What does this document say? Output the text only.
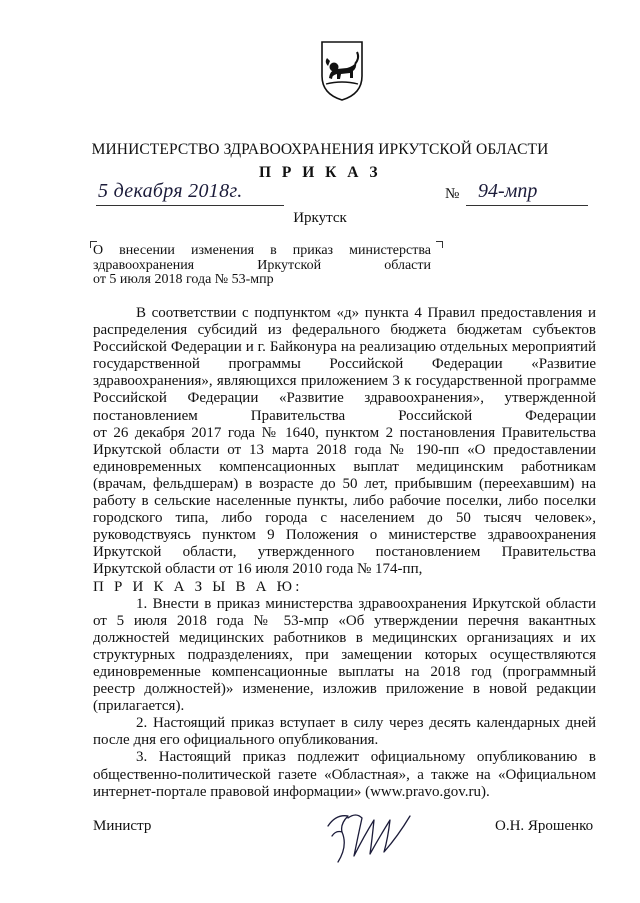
МИНИСТЕРСТВО ЗДРАВООХРАНЕНИЯ ИРКУТСКОЙ ОБЛАСТИ
П Р И К А З
5 декабря 2018г.	№ 94-мпр
Иркутск
О внесении изменения в приказ министерства
здравоохранения Иркутской области
от 5 июля 2018 года № 53-мпр
В соответствии с подпунктом «д» пункта 4 Правил предоставления и
распределения субсидий из федерального бюджета бюджетам субъектов
Российской Федерации и г. Байконура на реализацию отдельных мероприятий
государственной программы Российской Федерации «Развитие
здравоохранения», являющихся приложением 3 к государственной программе
Российской Федерации «Развитие здравоохранения», утвержденной
постановлением Правительства Российской Федерации
от 26 декабря 2017 года № 1640, пунктом 2 постановления Правительства
Иркутской области от 13 марта 2018 года № 190-пп «О предоставлении
единовременных компенсационных выплат медицинским работникам
(врачам, фельдшерам) в возрасте до 50 лет, прибывшим (переехавшим) на
работу в сельские населенные пункты, либо рабочие поселки, либо поселки
городского типа, либо города с населением до 50 тысяч человек»,
руководствуясь пунктом 9 Положения о министерстве здравоохранения
Иркутской области, утвержденного постановлением Правительства
Иркутской области от 16 июля 2010 года № 174-пп,
П Р И К А З Ы В А Ю:
1. Внести в приказ министерства здравоохранения Иркутской области
от 5 июля 2018 года № 53-мпр «Об утверждении перечня вакантных
должностей медицинских работников в медицинских организациях и их
структурных подразделениях, при замещении которых осуществляются
единовременные компенсационные выплаты на 2018 год (программный
реестр должностей)» изменение, изложив приложение в новой редакции
(прилагается).
2. Настоящий приказ вступает в силу через десять календарных дней
после дня его официального опубликования.
3. Настоящий приказ подлежит официальному опубликованию в
общественно-политической газете «Областная», а также на «Официальном
интернет-портале правовой информации» (www.pravo.gov.ru).
Министр	О.Н. Ярошенко
